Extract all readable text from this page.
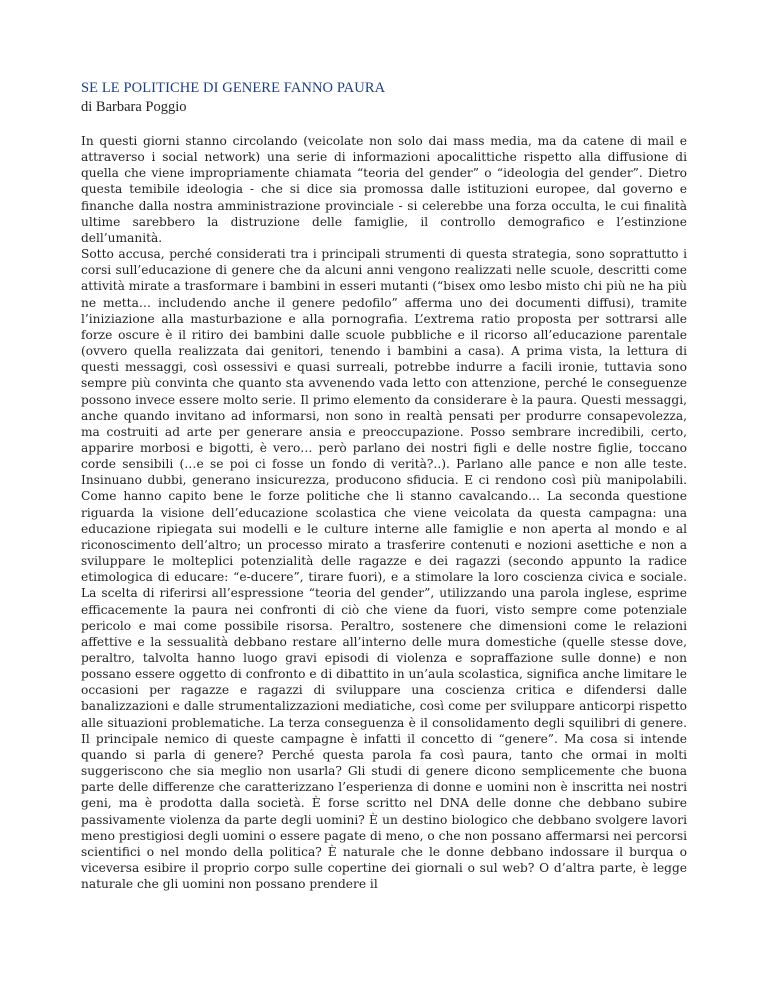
SE LE POLITICHE DI GENERE FANNO PAURA
di Barbara Poggio

In questi giorni stanno circolando (veicolate non solo dai mass media, ma da catene di mail e attraverso i social network) una serie di informazioni apocalittiche rispetto alla diffusione di quella che viene impropriamente chiamata “teoria del gender” o “ideologia del gender”. Dietro questa temibile ideologia - che si dice sia promossa dalle istituzioni europee, dal governo e finanche dalla nostra amministrazione provinciale - si celerebbe una forza occulta, le cui finalità ultime sarebbero la distruzione delle famiglie, il controllo demografico e l’estinzione dell’umanità.

Sotto accusa, perché considerati tra i principali strumenti di questa strategia, sono soprattutto i corsi sull’educazione di genere che da alcuni anni vengono realizzati nelle scuole, descritti come attività mirate a trasformare i bambini in esseri mutanti (“bisex omo lesbo misto chi più ne ha più ne metta… includendo anche il genere pedofilo” afferma uno dei documenti diffusi), tramite l’iniziazione alla masturbazione e alla pornografia. L’extrema ratio proposta per sottrarsi alle forze oscure è il ritiro dei bambini dalle scuole pubbliche e il ricorso all’educazione parentale (ovvero quella realizzata dai genitori, tenendo i bambini a casa). A prima vista, la lettura di questi messaggi, così ossessivi e quasi surreali, potrebbe indurre a facili ironie, tuttavia sono sempre più convinta che quanto sta avvenendo vada letto con attenzione, perché le conseguenze possono invece essere molto serie. Il primo elemento da considerare è la paura. Questi messaggi, anche quando invitano ad informarsi, non sono in realtà pensati per produrre consapevolezza, ma costruiti ad arte per generare ansia e preoccupazione. Posso sembrare incredibili, certo, apparire morbosi e bigotti, è vero… però parlano dei nostri figli e delle nostre figlie, toccano corde sensibili (…e se poi ci fosse un fondo di verità?..). Parlano alle pance e non alle teste. Insinuano dubbi, generano insicurezza, producono sfiducia. E ci rendono così più manipolabili. Come hanno capito bene le forze politiche che li stanno cavalcando… La seconda questione riguarda la visione dell’educazione scolastica che viene veicolata da questa campagna: una educazione ripiegata sui modelli e le culture interne alle famiglie e non aperta al mondo e al riconoscimento dell’altro; un processo mirato a trasferire contenuti e nozioni asettiche e non a sviluppare le molteplici potenzialità delle ragazze e dei ragazzi (secondo appunto la radice etimologica di educare: “e-ducere”, tirare fuori), e a stimolare la loro coscienza civica e sociale. La scelta di riferirsi all’espressione “teoria del gender”, utilizzando una parola inglese, esprime efficacemente la paura nei confronti di ciò che viene da fuori, visto sempre come potenziale pericolo e mai come possibile risorsa. Peraltro, sostenere che dimensioni come le relazioni affettive e la sessualità debbano restare all’interno delle mura domestiche (quelle stesse dove, peraltro, talvolta hanno luogo gravi episodi di violenza e sopraffazione sulle donne) e non possano essere oggetto di confronto e di dibattito in un’aula scolastica, significa anche limitare le occasioni per ragazze e ragazzi di sviluppare una coscienza critica e difendersi dalle banalizzazioni e dalle strumentalizzazioni mediatiche, così come per sviluppare anticorpi rispetto alle situazioni problematiche. La terza conseguenza è il consolidamento degli squilibri di genere. Il principale nemico di queste campagne è infatti il concetto di “genere”. Ma cosa si intende quando si parla di genere? Perché questa parola fa così paura, tanto che ormai in molti suggeriscono che sia meglio non usarla? Gli studi di genere dicono semplicemente che buona parte delle differenze che caratterizzano l’esperienza di donne e uomini non è inscritta nei nostri geni, ma è prodotta dalla società. È forse scritto nel DNA delle donne che debbano subire passivamente violenza da parte degli uomini? È un destino biologico che debbano svolgere lavori meno prestigiosi degli uomini o essere pagate di meno, o che non possano affermarsi nei percorsi scientifici o nel mondo della politica? È naturale che le donne debbano indossare il burqua o viceversa esibire il proprio corpo sulle copertine dei giornali o sul web? O d’altra parte, è legge naturale che gli uomini non possano prendere il
